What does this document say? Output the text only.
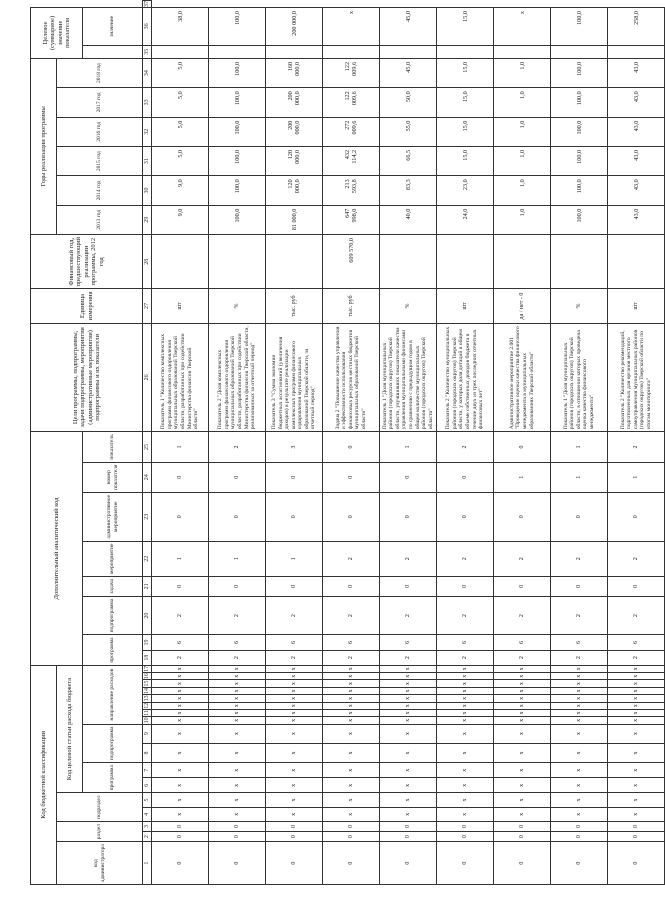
Код бюджетной классификации																	Дополнительный аналитический код								Цели программы, подпрограммы, задачи подпрограммы, мероприятия (административные мероприятия) подпрограммы и их показатели	Единица измерения	Финансовый год, предшествующий реализации программы, 2012 год	Годы реализации программы						Целевое (суммарное) значение показателя		
код администратора	раздел		подраздел		Код целевой статьи расхода бюджета																							2013 год	2014 год	2015 год	2016 год	2017 год	2018 год			
					программа		подпрограмма		направление расходов								программа		подпрограмма	задача	мероприятие	административное мероприятие	номер показателя	показатель											значение	
1	2	3	4	5	6	7	8	9	10	11	12	13	14	15	16	17	18	19	20	21	22	23	24	25	26	27	28	29	30	31	32	33	34	35	36	37
0	0	0	x	x	x	x	x	x	x	x	x	x	x	x	x	x	2	6	2	0	1	0	0	1	Показатель 1 "Количество комплексных программ финансового оздоровления муниципальных образований Тверской области, разработанных при содействии Министерства финансов Тверской области"	шт		9,0	9,0	5,0	5,0	5,0	5,0		38,0	
0	0	0	x	x	x	x	x	x	x	x	x	x	x	x	x	x	2	6	2	0	1	0	0	2	Показатель 2 "Доля комплексных программ финансового оздоровления муниципальных образований Тверской области, разработанных при содействии Министерства финансов Тверской области, реализованных за отчетный период"	%		100,0	100,0	100,0	100,0	100,0	100,0		100,0	
0	0	0	x	x	x	x	x	x	x	x	x	x	x	x	x	x	2	6	2	0	1	0	0	3	Показатель 3 "Сумма экономии бюджетных ассигнований (увеличения доходов) в результате реализации комплексных программ финансового оздоровления муниципальных образований Тверской области, за отчетный период"	тыс. руб		81 000,0	120 000,0	120 000,0	200 000,0	200 000,0	160 000,0		200 000,0	
0	0	0	x	x	x	x	x	x	x	x	x	x	x	x	x	x	2	6	2	0	2	0	0	0	Задача 2 "Повышение качества управления и эффективности использования финансовых ресурсов местных бюджетов муниципальных образований Тверской области"	тыс. руб	609 570,0	647 998,0	213 593,8	432 114,2	272 009,6	122 009,6	122 009,6		x	
0	0	0	x	x	x	x	x	x	x	x	x	x	x	x	x	x	2	6	2	0	2	0	0	1	Показатель 1 "Доля муниципальных районов (городских округов) Тверской области, улучшивших показатели качества управления муниципальными финансами по сравнению с предыдущим годом в общем количестве муниципальных районов (городских округов) Тверской области"	%		40,0	83,3	66,5	55,0	50,0	45,0		45,0	
0	0	0	x	x	x	x	x	x	x	x	x	x	x	x	x	x	2	6	2	0	2	0	0	2	Показатель 2 "Количество муниципальных районов (городских округов) Тверской области, у которых доля дотаций в общем объеме собственных доходов бюджета в течение двух из трех последних отчетных финансовых лет"	шт		24,0	23,0	15,0	15,0	15,0	15,0		15,0	
0	0	0	x	x	x	x	x	x	x	x	x	x	x	x	x	x	2	6	2	0	2	0	1	0	Административное мероприятие 2.001 "Проведение оценки качества финансового менеджмента в муниципальных образованиях Тверской области"	да / нет - 0		1,0	1,0	1,0	1,0	1,0	1,0		x	
0	0	0	x	x	x	x	x	x	x	x	x	x	x	x	x	x	2	6	2	0	2	0	1	1	Показатель 1 "Доля муниципальных районов (городских округов) Тверской области, в отношении которых проведена оценка качества финансового менеджмента"	%		100,0	100,0	100,0	100,0	100,0	100,0		100,0	
0	0	0	x	x	x	x	x	x	x	x	x	x	x	x	x	x	2	6	2	0	2	0	1	2	Показатель 2 "Количество рекомендаций, подготовленных для органов местного самоуправления муниципальных районов (городских округов) Тверской области по итогам мониторинга"	шт		43,0	43,0	43,0	43,0	43,0	43,0		258,0	
